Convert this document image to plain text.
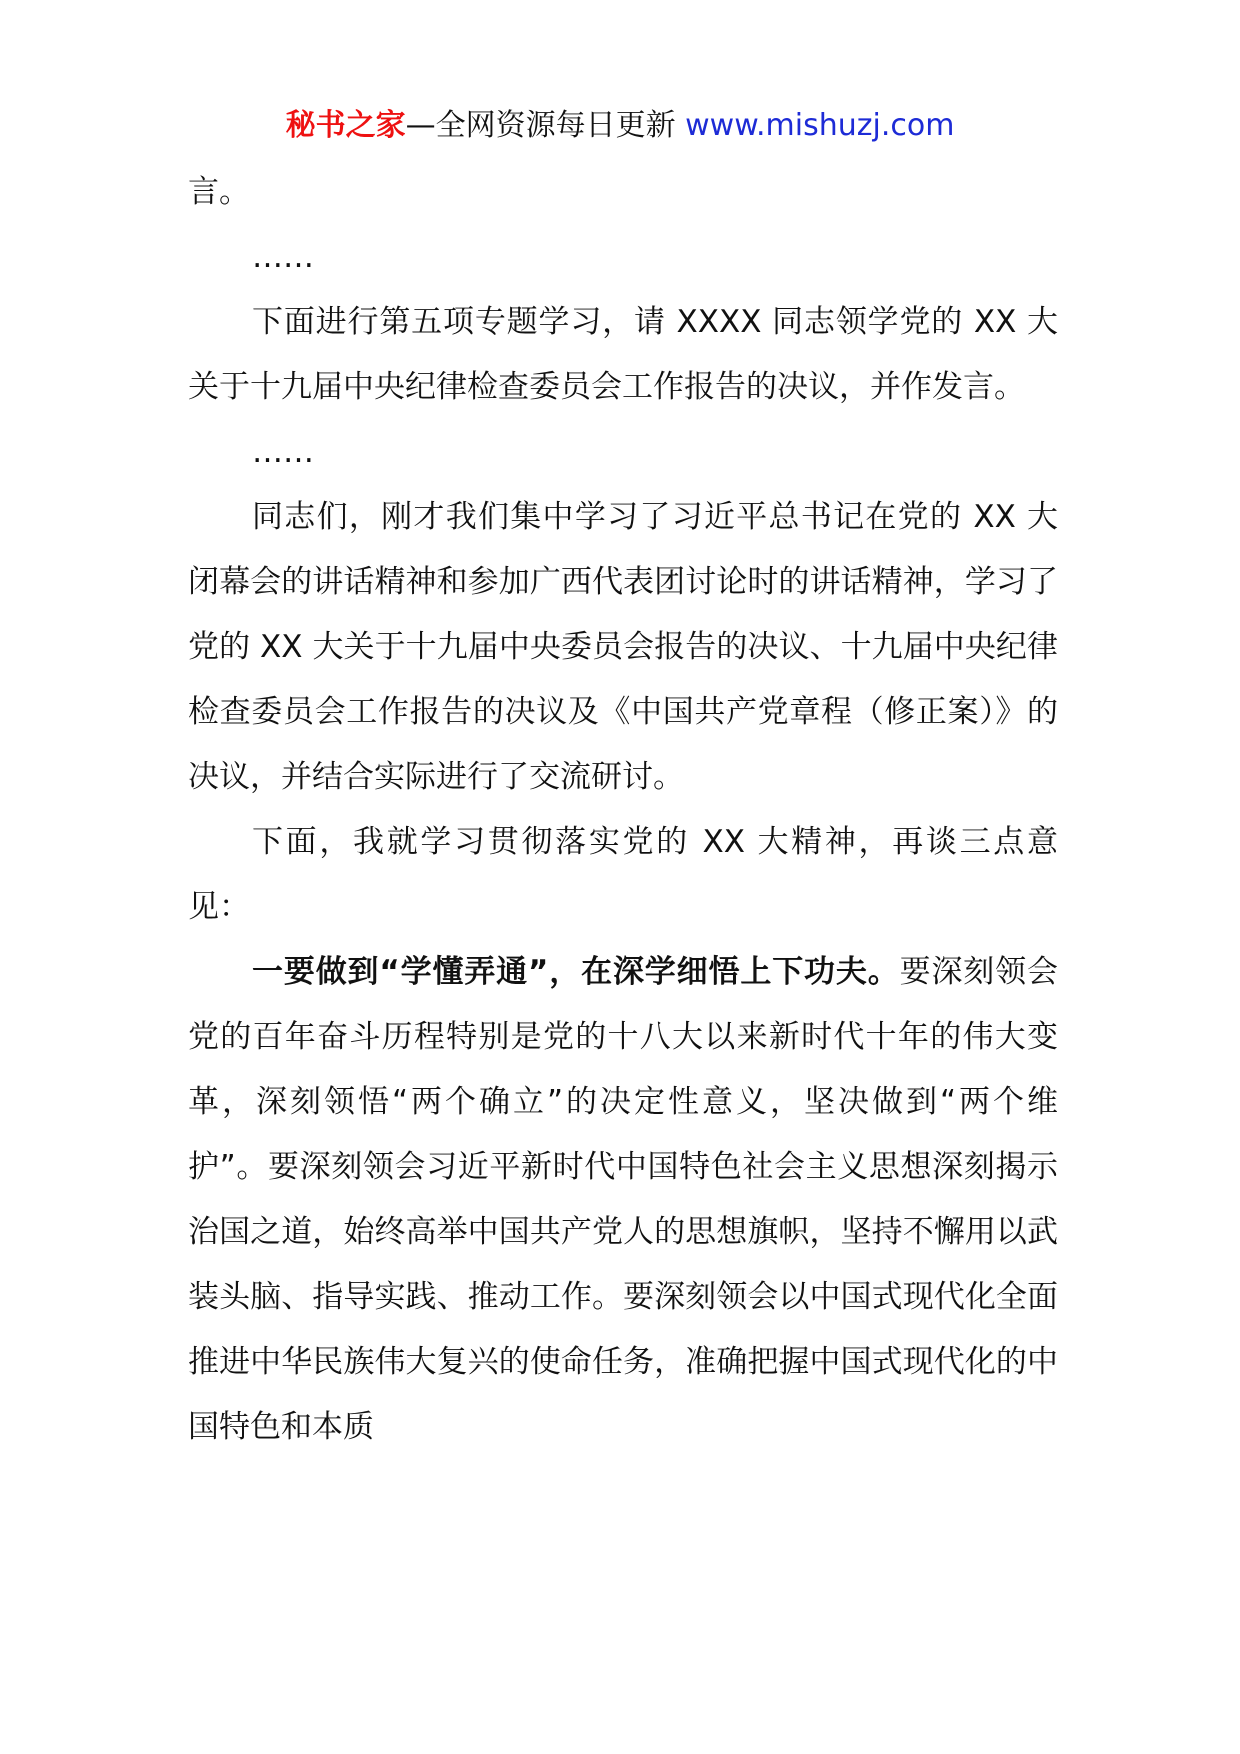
秘书之家—全网资源每日更新 www.mishuzj.com

言。

……

下面进行第五项专题学习，请 XXXX 同志领学党的 XX 大关于十九届中央纪律检查委员会工作报告的决议，并作发言。

……

同志们，刚才我们集中学习了习近平总书记在党的 XX 大闭幕会的讲话精神和参加广西代表团讨论时的讲话精神，学习了党的 XX 大关于十九届中央委员会报告的决议、十九届中央纪律检查委员会工作报告的决议及《中国共产党章程（修正案）》的决议，并结合实际进行了交流研讨。

下面，我就学习贯彻落实党的 XX 大精神，再谈三点意见：

一要做到“学懂弄通”，在深学细悟上下功夫。要深刻领会党的百年奋斗历程特别是党的十八大以来新时代十年的伟大变革，深刻领悟“两个确立”的决定性意义，坚决做到“两个维护”。要深刻领会习近平新时代中国特色社会主义思想深刻揭示治国之道，始终高举中国共产党人的思想旗帜，坚持不懈用以武装头脑、指导实践、推动工作。要深刻领会以中国式现代化全面推进中华民族伟大复兴的使命任务，准确把握中国式现代化的中国特色和本质
